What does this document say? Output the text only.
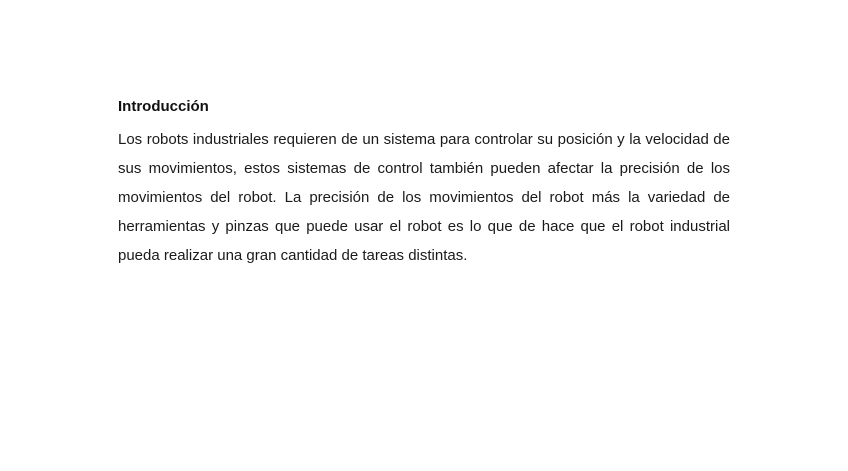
Introducción

Los robots industriales requieren de un sistema para controlar su posición y la velocidad de sus movimientos, estos sistemas de control también pueden afectar la precisión de los movimientos del robot. La precisión de los movimientos del robot más la variedad de herramientas y pinzas que puede usar el robot es lo que de hace que el robot industrial pueda realizar una gran cantidad de tareas distintas.
